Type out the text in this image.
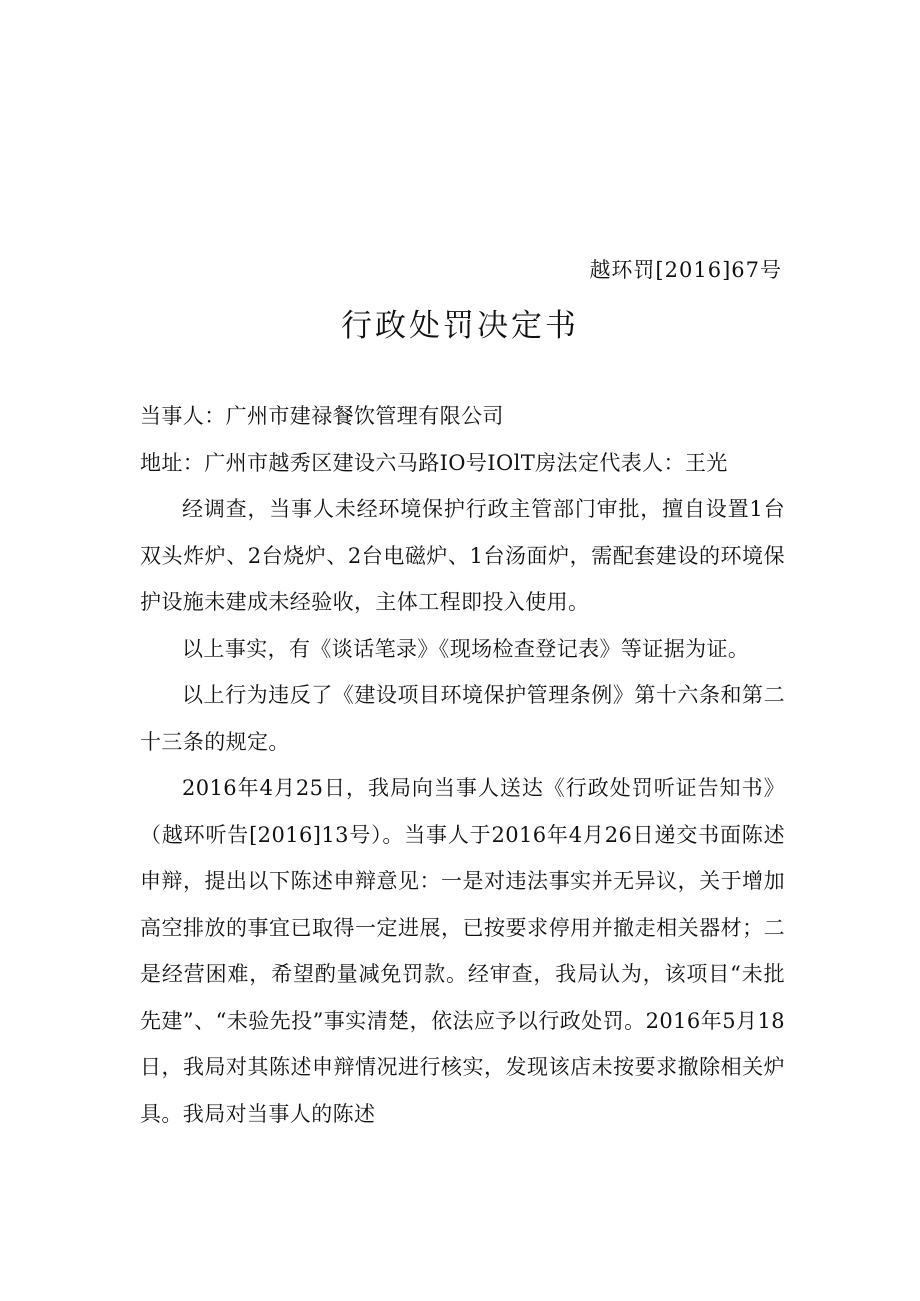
越环罚[2016]67号
行政处罚决定书

当事人：广州市建禄餐饮管理有限公司

地址：广州市越秀区建设六马路IO号IOlT房法定代表人：王光

经调查，当事人未经环境保护行政主管部门审批，擅自设置1台双头炸炉、2台烧炉、2台电磁炉、1台汤面炉，需配套建设的环境保护设施未建成未经验收，主体工程即投入使用。

以上事实，有《谈话笔录》《现场检查登记表》等证据为证。

以上行为违反了《建设项目环境保护管理条例》第十六条和第二十三条的规定。

2016年4月25日，我局向当事人送达《行政处罚听证告知书》（越环听告[2016]13号）。当事人于2016年4月26日递交书面陈述申辩，提出以下陈述申辩意见：一是对违法事实并无异议，关于增加高空排放的事宜已取得一定进展，已按要求停用并撤走相关器材；二是经营困难，希望酌量减免罚款。经审查，我局认为，该项目“未批先建”、“未验先投”事实清楚，依法应予以行政处罚。2016年5月18日，我局对其陈述申辩情况进行核实，发现该店未按要求撤除相关炉具。我局对当事人的陈述
